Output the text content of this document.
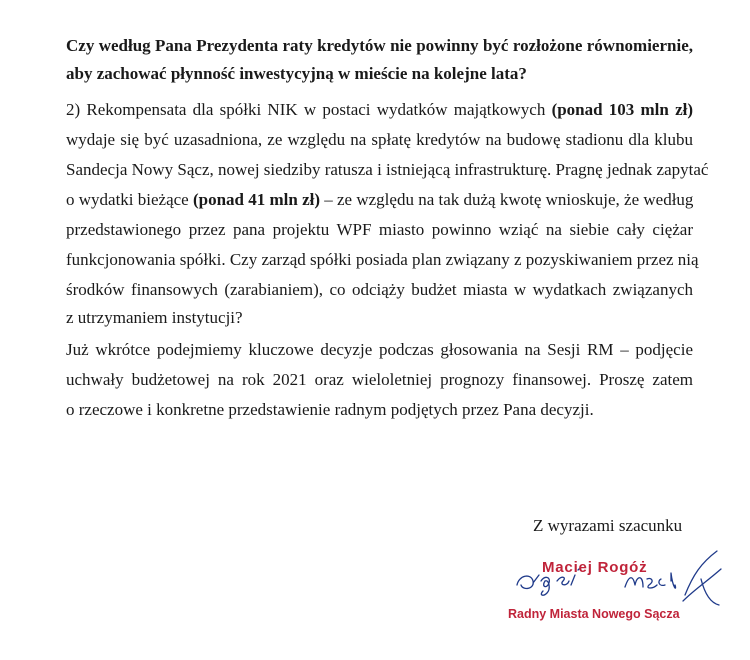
Czy według Pana Prezydenta raty kredytów nie powinny być rozłożone równomiernie,
aby zachować płynność inwestycyjną w mieście na kolejne lata?
2) Rekompensata dla spółki NIK w postaci wydatków majątkowych (ponad 103 mln zł)
wydaje się być uzasadniona, ze względu na spłatę kredytów na budowę stadionu dla klubu
Sandecja Nowy Sącz, nowej siedziby ratusza i istniejącą infrastrukturę. Pragnę jednak zapytać
o wydatki bieżące (ponad 41 mln zł) – ze względu na tak dużą kwotę wnioskuje, że według
przedstawionego przez pana projektu WPF miasto powinno wziąć na siebie cały ciężar
funkcjonowania spółki. Czy zarząd spółki posiada plan związany z pozyskiwaniem przez nią
środków finansowych (zarabianiem), co odciąży budżet miasta w wydatkach związanych
z utrzymaniem instytucji?
Już wkrótce podejmiemy kluczowe decyzje podczas głosowania na Sesji RM – podjęcie
uchwały budżetowej na rok 2021 oraz wieloletniej prognozy finansowej. Proszę zatem
o rzeczowe i konkretne przedstawienie radnym podjętych przez Pana decyzji.
Z wyrazami szacunku
Maciej Rogóż
Radny Miasta Nowego Sącza
